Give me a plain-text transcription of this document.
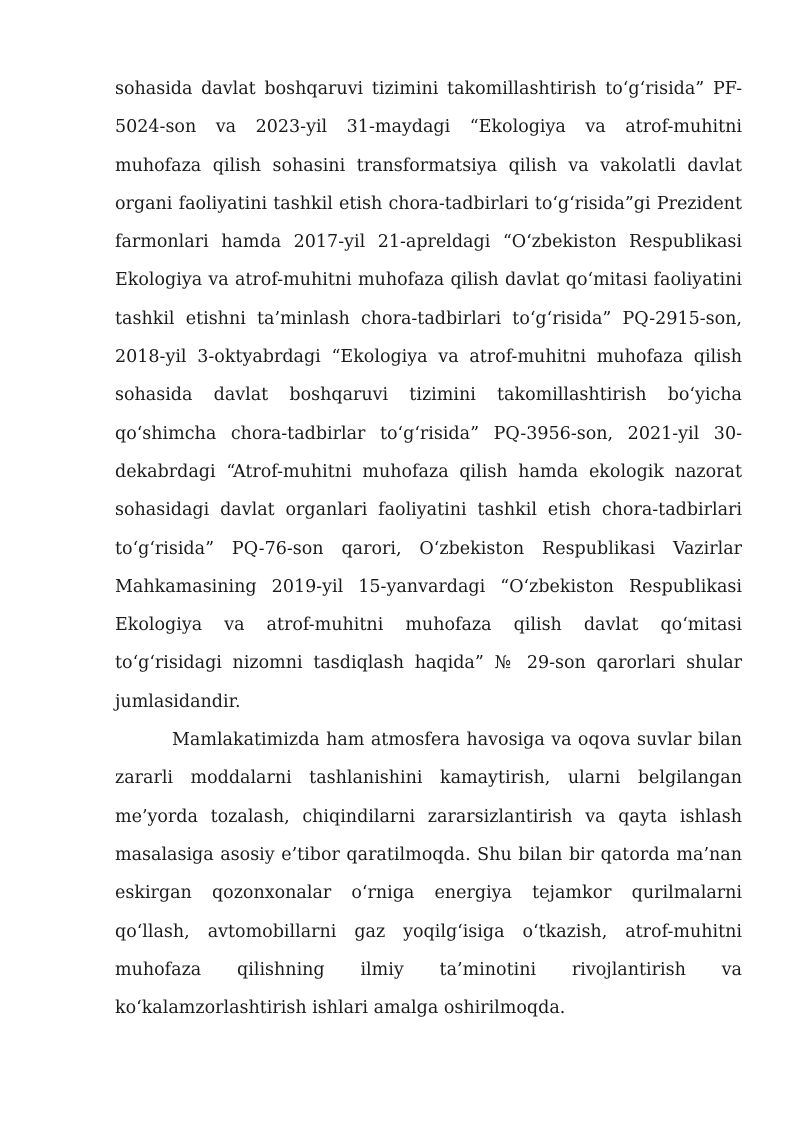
sohasida davlat boshqaruvi tizimini takomillashtirish to‘g‘risida” PF-5024-son va 2023-yil 31-maydagi “Ekologiya va atrof-muhitni muhofaza qilish sohasini transformatsiya qilish va vakolatli davlat organi faoliyatini tashkil etish chora-tadbirlari to‘g‘risida”gi Prezident farmonlari hamda 2017-yil 21-apreldagi “O‘zbekiston Respublikasi Ekologiya va atrof-muhitni muhofaza qilish davlat qo‘mitasi faoliyatini tashkil etishni ta’minlash chora-tadbirlari to‘g‘risida” PQ-2915-son, 2018-yil 3-oktyabrdagi “Ekologiya va atrof-muhitni muhofaza qilish sohasida davlat boshqaruvi tizimini takomillashtirish bo‘yicha qo‘shimcha chora-tadbirlar to‘g‘risida” PQ-3956-son, 2021-yil 30-dekabrdagi “Atrof-muhitni muhofaza qilish hamda ekologik nazorat sohasidagi davlat organlari faoliyatini tashkil etish chora-tadbirlari to‘g‘risida” PQ-76-son qarori, O‘zbekiston Respublikasi Vazirlar Mahkamasining 2019-yil 15-yanvardagi “O‘zbekiston Respublikasi Ekologiya va atrof-muhitni muhofaza qilish davlat qo‘mitasi to‘g‘risidagi nizomni tasdiqlash haqida” № 29-son qarorlari shular jumlasidandir.

Mamlakatimizda ham atmosfera havosiga va oqova suvlar bilan zararli moddalarni tashlanishini kamaytirish, ularni belgilangan me’yorda tozalash, chiqindilarni zararsizlantirish va qayta ishlash masalasiga asosiy e’tibor qaratilmoqda. Shu bilan bir qatorda ma’nan eskirgan qozonxonalar o‘rniga energiya tejamkor qurilmalarni qo‘llash, avtomobillarni gaz yoqilg‘isiga o‘tkazish, atrof-muhitni muhofaza qilishning ilmiy ta’minotini rivojlantirish va ko‘kalamzorlashtirish ishlari amalga oshirilmoqda.
